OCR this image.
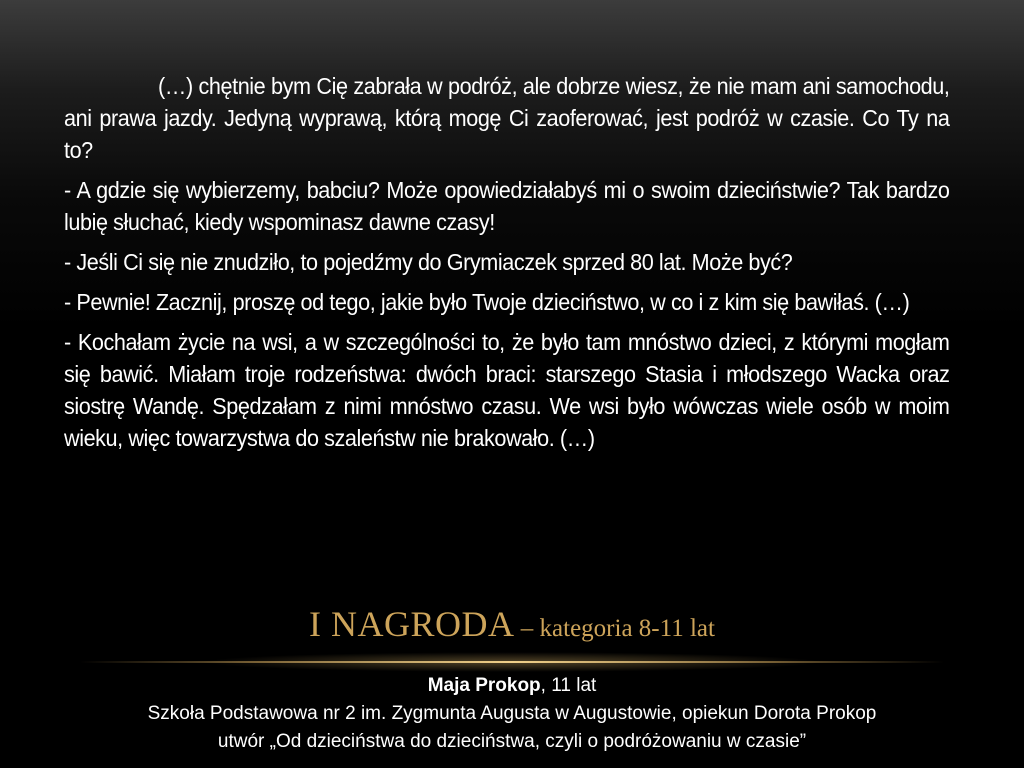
(…) chętnie bym Cię zabrała w podróż, ale dobrze wiesz, że nie mam ani samochodu, ani prawa jazdy. Jedyną wyprawą, którą mogę Ci zaoferować, jest podróż w czasie. Co Ty na to?

- A gdzie się wybierzemy, babciu? Może opowiedziałabyś mi o swoim dzieciństwie? Tak bardzo lubię słuchać, kiedy wspominasz dawne czasy!

- Jeśli Ci się nie znudziło, to pojedźmy do Grymiaczek sprzed 80 lat. Może być?

- Pewnie! Zacznij, proszę od tego, jakie było Twoje dzieciństwo, w co i z kim się bawiłaś. (…)

- Kochałam życie na wsi, a w szczególności to, że było tam mnóstwo dzieci, z którymi mogłam się bawić. Miałam troje rodzeństwa: dwóch braci: starszego Stasia i młodszego Wacka oraz siostrę Wandę. Spędzałam z nimi mnóstwo czasu. We wsi było wówczas wiele osób w moim wieku, więc towarzystwa do szaleństw nie brakowało. (…)

I NAGRODA – kategoria 8-11 lat
Maja Prokop, 11 lat
Szkoła Podstawowa nr 2 im. Zygmunta Augusta w Augustowie, opiekun Dorota Prokop
utwór „Od dzieciństwa do dzieciństwa, czyli o podróżowaniu w czasie”
